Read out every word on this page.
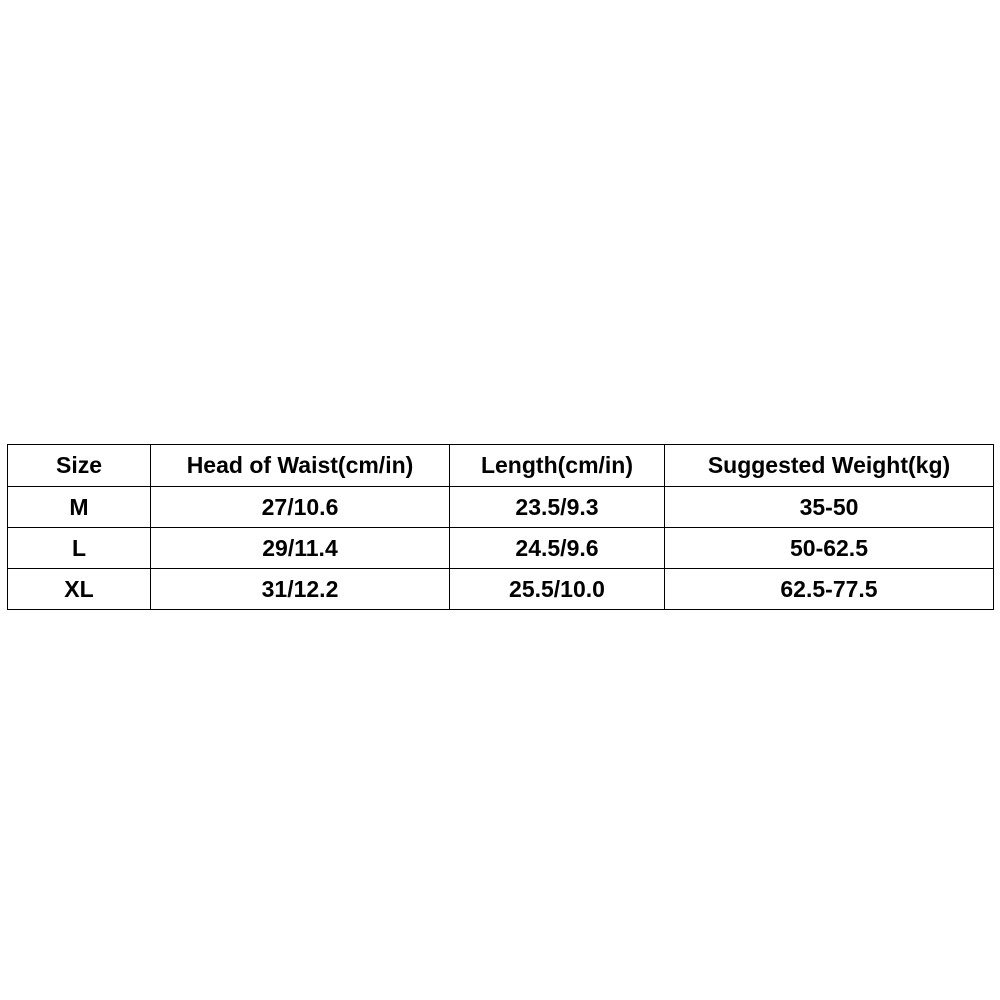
Size	Head of Waist(cm/in)	Length(cm/in)	Suggested Weight(kg)
M	27/10.6	23.5/9.3	35-50
L	29/11.4	24.5/9.6	50-62.5
XL	31/12.2	25.5/10.0	62.5-77.5
